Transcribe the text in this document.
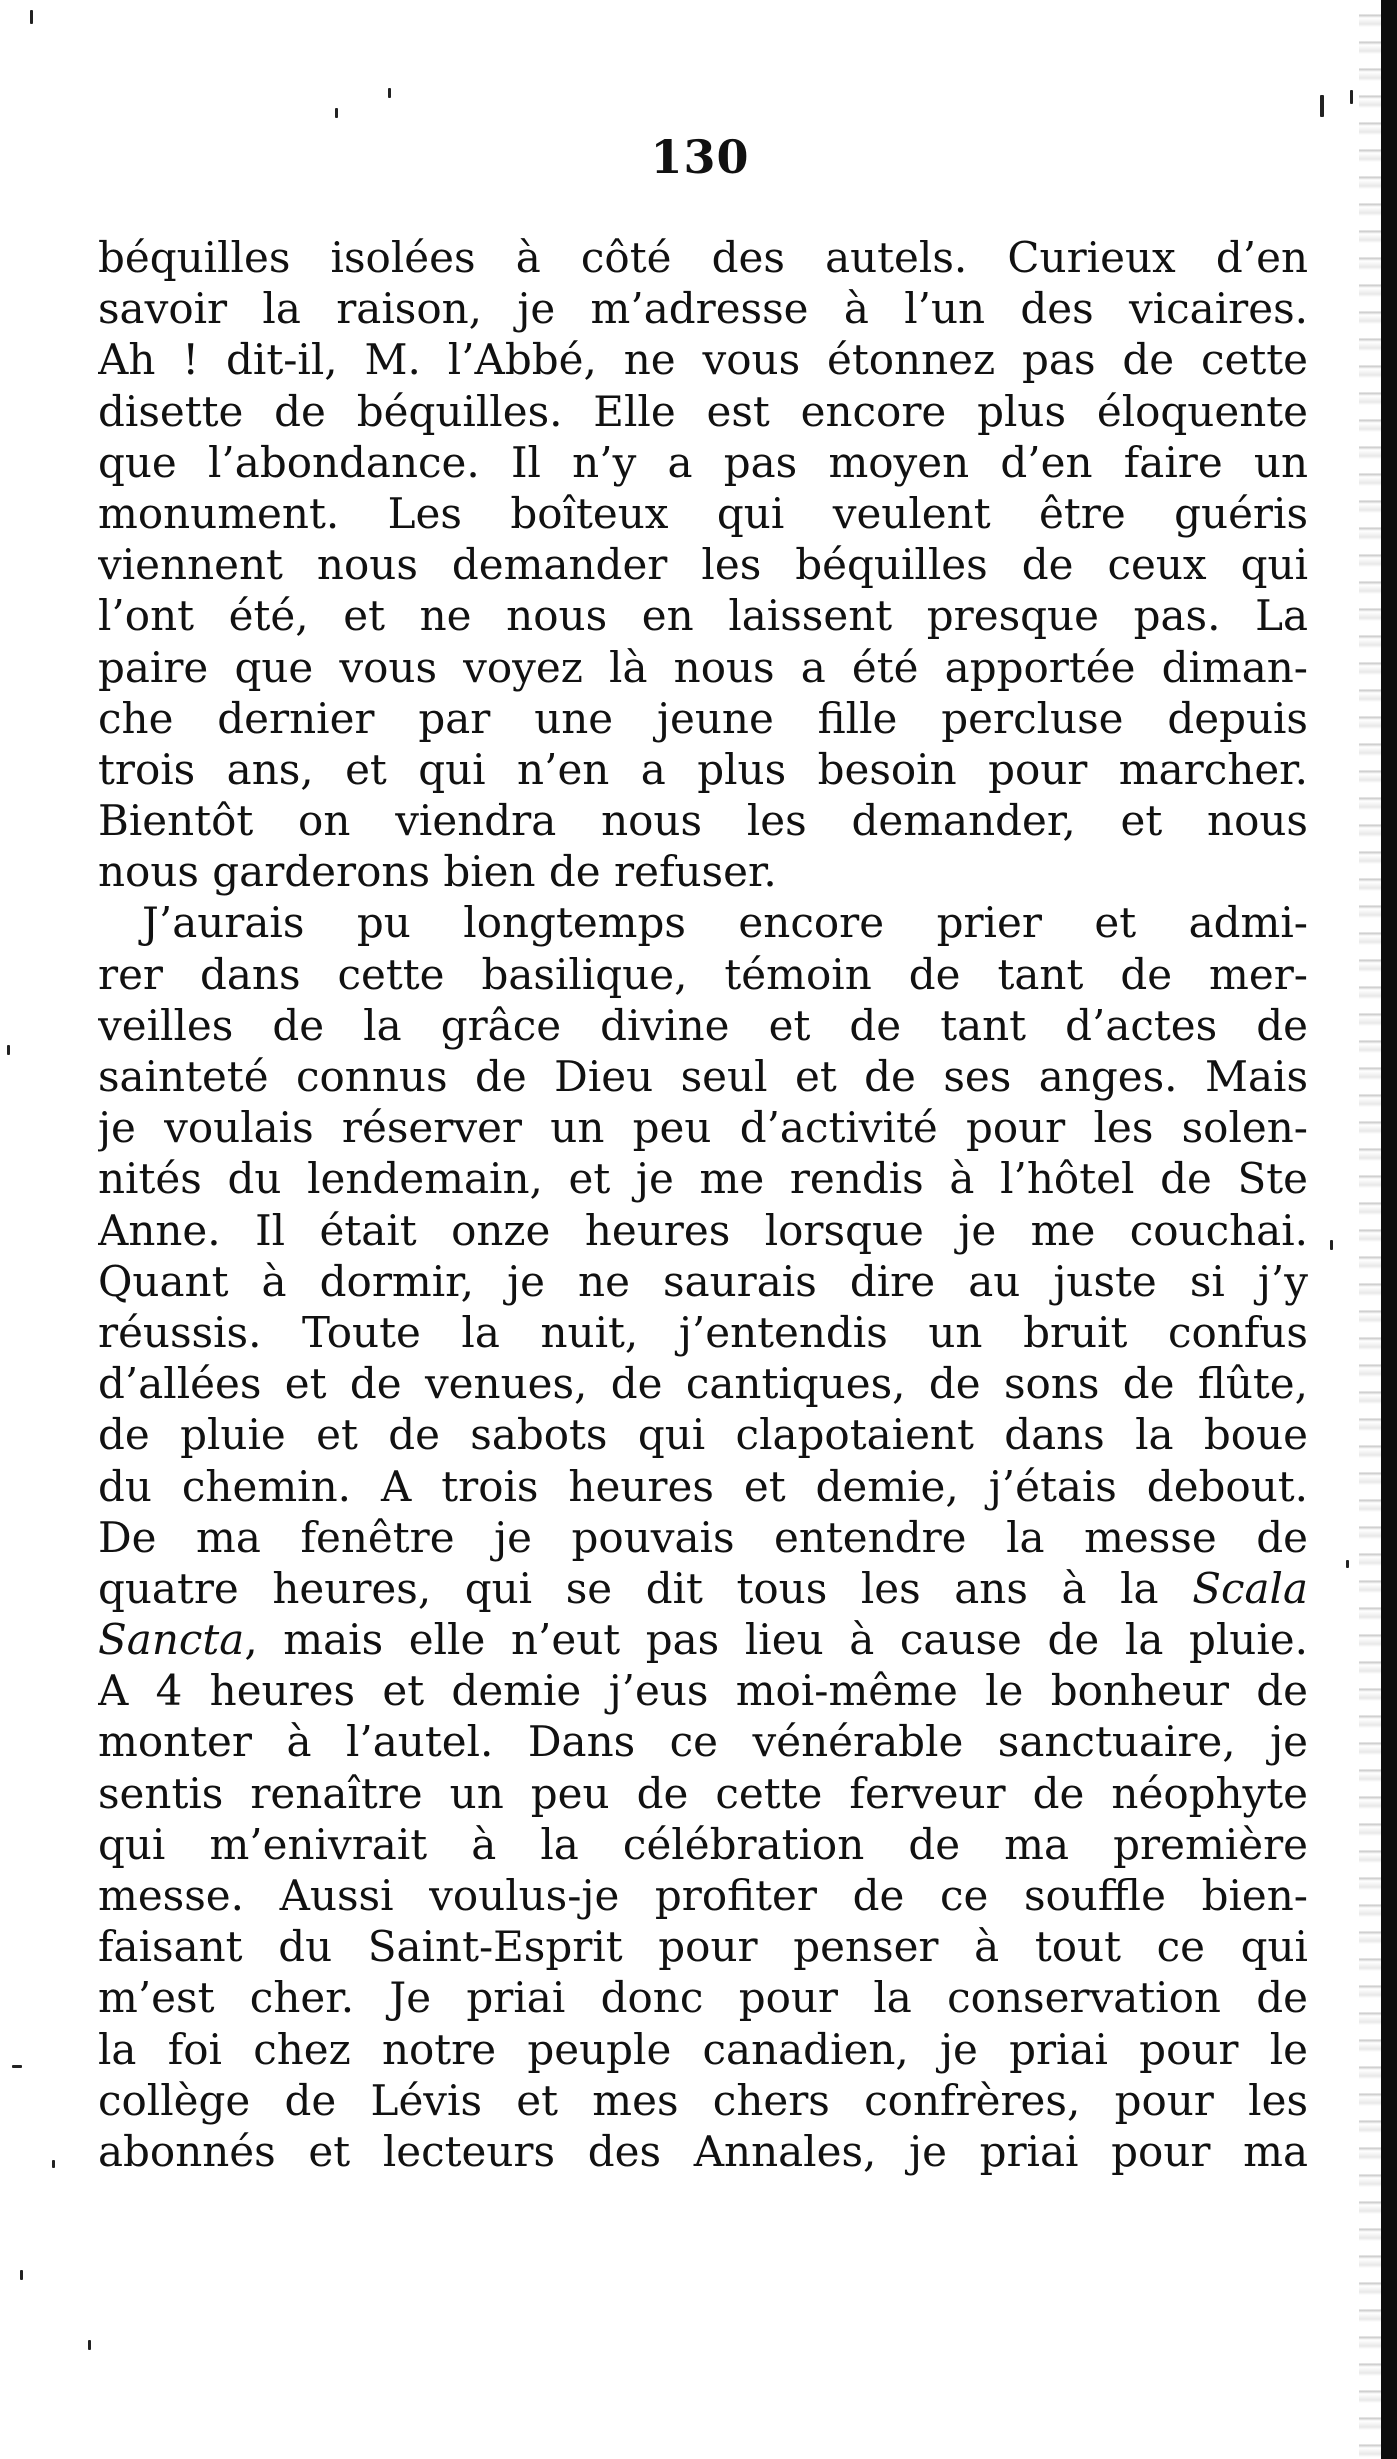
130
béquilles isolées à côté des autels. Curieux d’en
savoir la raison, je m’adresse à l’un des vicaires.
Ah ! dit-il, M. l’Abbé, ne vous étonnez pas de cette
disette de béquilles. Elle est encore plus éloquente
que l’abondance. Il n’y a pas moyen d’en faire un
monument. Les boîteux qui veulent être guéris
viennent nous demander les béquilles de ceux qui
l’ont été, et ne nous en laissent presque pas. La
paire que vous voyez là nous a été apportée diman-
che dernier par une jeune fille percluse depuis
trois ans, et qui n’en a plus besoin pour marcher.
Bientôt on viendra nous les demander, et nous
nous garderons bien de refuser.
J’aurais pu longtemps encore prier et admi-
rer dans cette basilique, témoin de tant de mer-
veilles de la grâce divine et de tant d’actes de
sainteté connus de Dieu seul et de ses anges. Mais
je voulais réserver un peu d’activité pour les solen-
nités du lendemain, et je me rendis à l’hôtel de Ste
Anne. Il était onze heures lorsque je me couchai.
Quant à dormir, je ne saurais dire au juste si j’y
réussis. Toute la nuit, j’entendis un bruit confus
d’allées et de venues, de cantiques, de sons de flûte,
de pluie et de sabots qui clapotaient dans la boue
du chemin. A trois heures et demie, j’étais debout.
De ma fenêtre je pouvais entendre la messe de
quatre heures, qui se dit tous les ans à la Scala
Sancta, mais elle n’eut pas lieu à cause de la pluie.
A 4 heures et demie j’eus moi-même le bonheur de
monter à l’autel. Dans ce vénérable sanctuaire, je
sentis renaître un peu de cette ferveur de néophyte
qui m’enivrait à la célébration de ma première
messe. Aussi voulus-je profiter de ce souffle bien-
faisant du Saint-Esprit pour penser à tout ce qui
m’est cher. Je priai donc pour la conservation de
la foi chez notre peuple canadien, je priai pour le
collège de Lévis et mes chers confrères, pour les
abonnés et lecteurs des Annales, je priai pour ma
